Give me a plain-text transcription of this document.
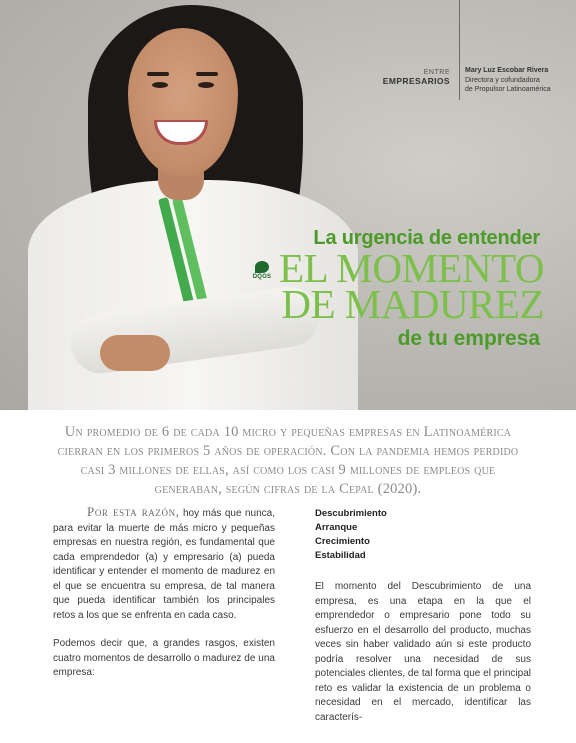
DQOS
ENTRE
EMPRESARIOS
Mary Luz Escobar Rivera
Directora y cofundadora
de Propulsor Latinoamérica
La urgencia de entender
EL MOMENTO
DE MADUREZ
de tu empresa
Un promedio de 6 de cada 10 micro y pequeñas empresas en Latinoamérica cierran en los primeros 5 años de operación. Con la pandemia hemos perdido casi 3 millones de ellas, así como los casi 9 millones de empleos que generaban, según cifras de la Cepal (2020).

Por esta razón, hoy más que nunca, para evitar la muerte de más micro y pequeñas empresas en nuestra región, es fundamental que cada emprendedor (a) y empresario (a) pueda identificar y entender el momento de madurez en el que se encuentra su empresa, de tal manera que pueda identificar también los principales retos a los que se enfrenta en cada caso.

Podemos decir que, a grandes rasgos, existen cuatro momentos de desarrollo o madurez de una empresa:

Descubrimiento
Arranque
Crecimiento
Estabilidad

El momento del Descubrimiento de una empresa, es una etapa en la que el emprendedor o empresario pone todo su esfuerzo en el desarrollo del producto, muchas veces sin haber validado aún si este producto podría resolver una necesidad de sus potenciales clientes, de tal forma que el principal reto es validar la existencia de un problema o necesidad en el mercado, identificar las caracterís-
